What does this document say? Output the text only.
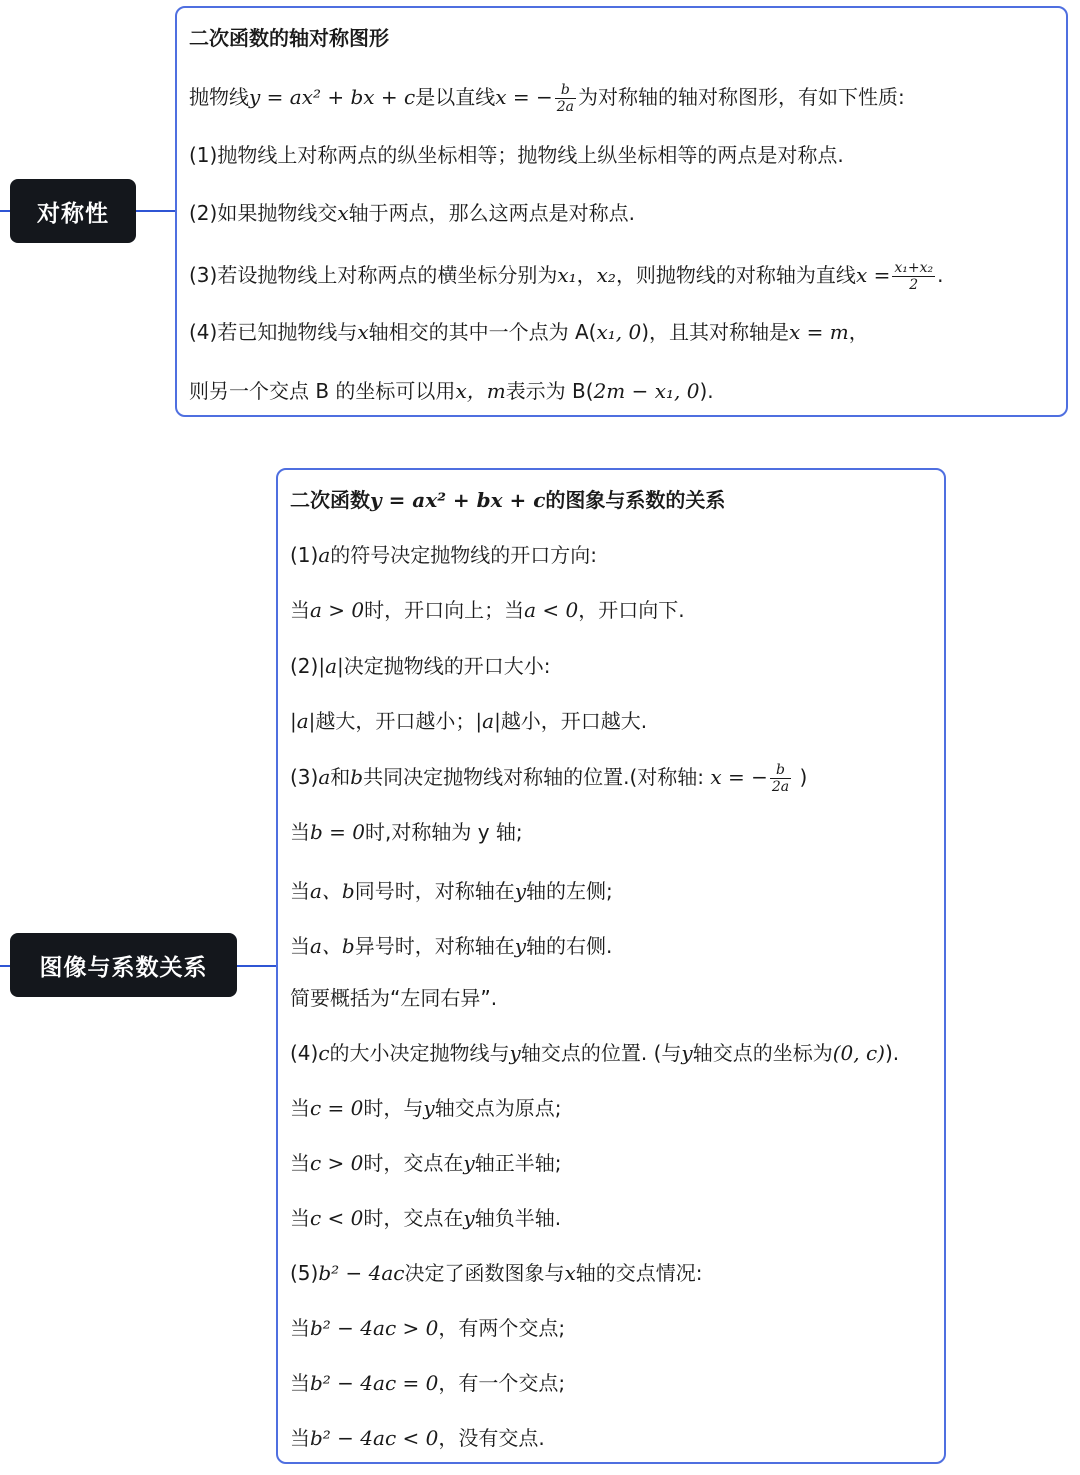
对称性
图像与系数关系
二次函数的轴对称图形
抛物线y = ax² + bx + c是以直线x = − $\frac{b}{2a}$ 为对称轴的轴对称图形，有如下性质:
(1)抛物线上对称两点的纵坐标相等；抛物线上纵坐标相等的两点是对称点.
(2)如果抛物线交x轴于两点，那么这两点是对称点.
(3)若设抛物线上对称两点的横坐标分别为x₁，x₂，则抛物线的对称轴为直线$x = \frac{\text{x₁+x₂}}{2}$ .
(4)若已知抛物线与x轴相交的其中一个点为 A(x₁, 0)，且其对称轴是x = m，
则另一个交点 B 的坐标可以用x，m表示为 B(2m − x₁, 0).
二次函数y = ax² + bx + c的图象与系数的关系
(1)a的符号决定抛物线的开口方向:
当a > 0时，开口向上；当a < 0，开口向下.
(2)|a|决定抛物线的开口大小:
|a|越大，开口越小；|a|越小，开口越大.
(3)a和b共同决定抛物线对称轴的位置.(对称轴: x = − $\frac{b}{2a}$ )
当b = 0时,对称轴为 y 轴;
当a、b同号时，对称轴在y轴的左侧;
当a、b异号时，对称轴在y轴的右侧.
简要概括为“左同右异”.
(4)c的大小决定抛物线与y轴交点的位置. (与y轴交点的坐标为(0, c)).
当c = 0时，与y轴交点为原点;
当c > 0时，交点在y轴正半轴;
当c < 0时，交点在y轴负半轴.
(5)b² − 4ac决定了函数图象与x轴的交点情况:
当b² − 4ac > 0，有两个交点;
当b² − 4ac = 0，有一个交点;
当b² − 4ac < 0，没有交点.
